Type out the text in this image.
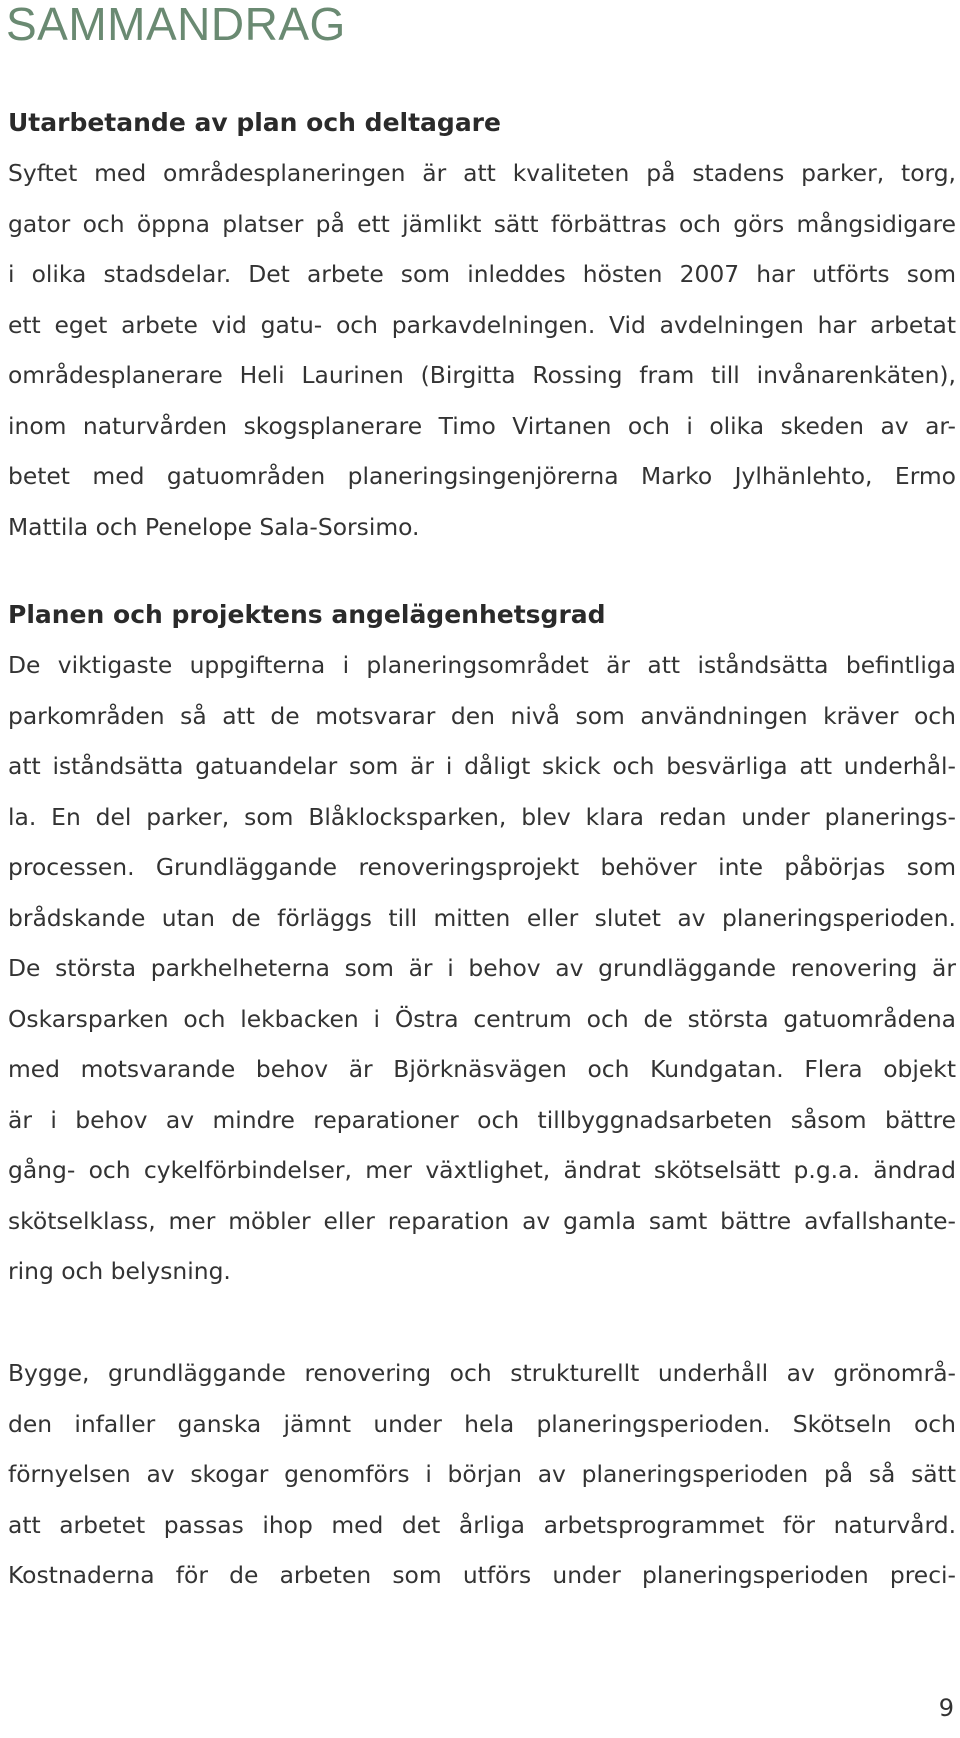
SAMMANDRAG
Utarbetande av plan och deltagare

Syftet med områdesplaneringen är att kvaliteten på stadens parker, torg,
gator och öppna platser på ett jämlikt sätt förbättras och görs mångsidigare
i olika stadsdelar. Det arbete som inleddes hösten 2007 har utförts som
ett eget arbete vid gatu- och parkavdelningen. Vid avdelningen har arbetat
områdesplanerare Heli Laurinen (Birgitta Rossing fram till invånarenkäten),
inom naturvården skogsplanerare Timo Virtanen och i olika skeden av ar-
betet med gatuområden planeringsingenjörerna Marko Jylhänlehto, Ermo
Mattila och Penelope Sala-Sorsimo.

Planen och projektens angelägenhetsgrad

De viktigaste uppgifterna i planeringsområdet är att iståndsätta befintliga
parkområden så att de motsvarar den nivå som användningen kräver och
att iståndsätta gatuandelar som är i dåligt skick och besvärliga att underhål-
la. En del parker, som Blåklocksparken, blev klara redan under planerings-
processen. Grundläggande renoveringsprojekt behöver inte påbörjas som
brådskande utan de förläggs till mitten eller slutet av planeringsperioden.
De största parkhelheterna som är i behov av grundläggande renovering är
Oskarsparken och lekbacken i Östra centrum och de största gatuområdena
med motsvarande behov är Björknäsvägen och Kundgatan. Flera objekt
är i behov av mindre reparationer och tillbyggnadsarbeten såsom bättre
gång- och cykelförbindelser, mer växtlighet, ändrat skötselsätt p.g.a. ändrad
skötselklass, mer möbler eller reparation av gamla samt bättre avfallshante-
ring och belysning.

Bygge, grundläggande renovering och strukturellt underhåll av grönområ-
den infaller ganska jämnt under hela planeringsperioden. Skötseln och
förnyelsen av skogar genomförs i början av planeringsperioden på så sätt
att arbetet passas ihop med det årliga arbetsprogrammet för naturvård.
Kostnaderna för de arbeten som utförs under planeringsperioden preci-

9
